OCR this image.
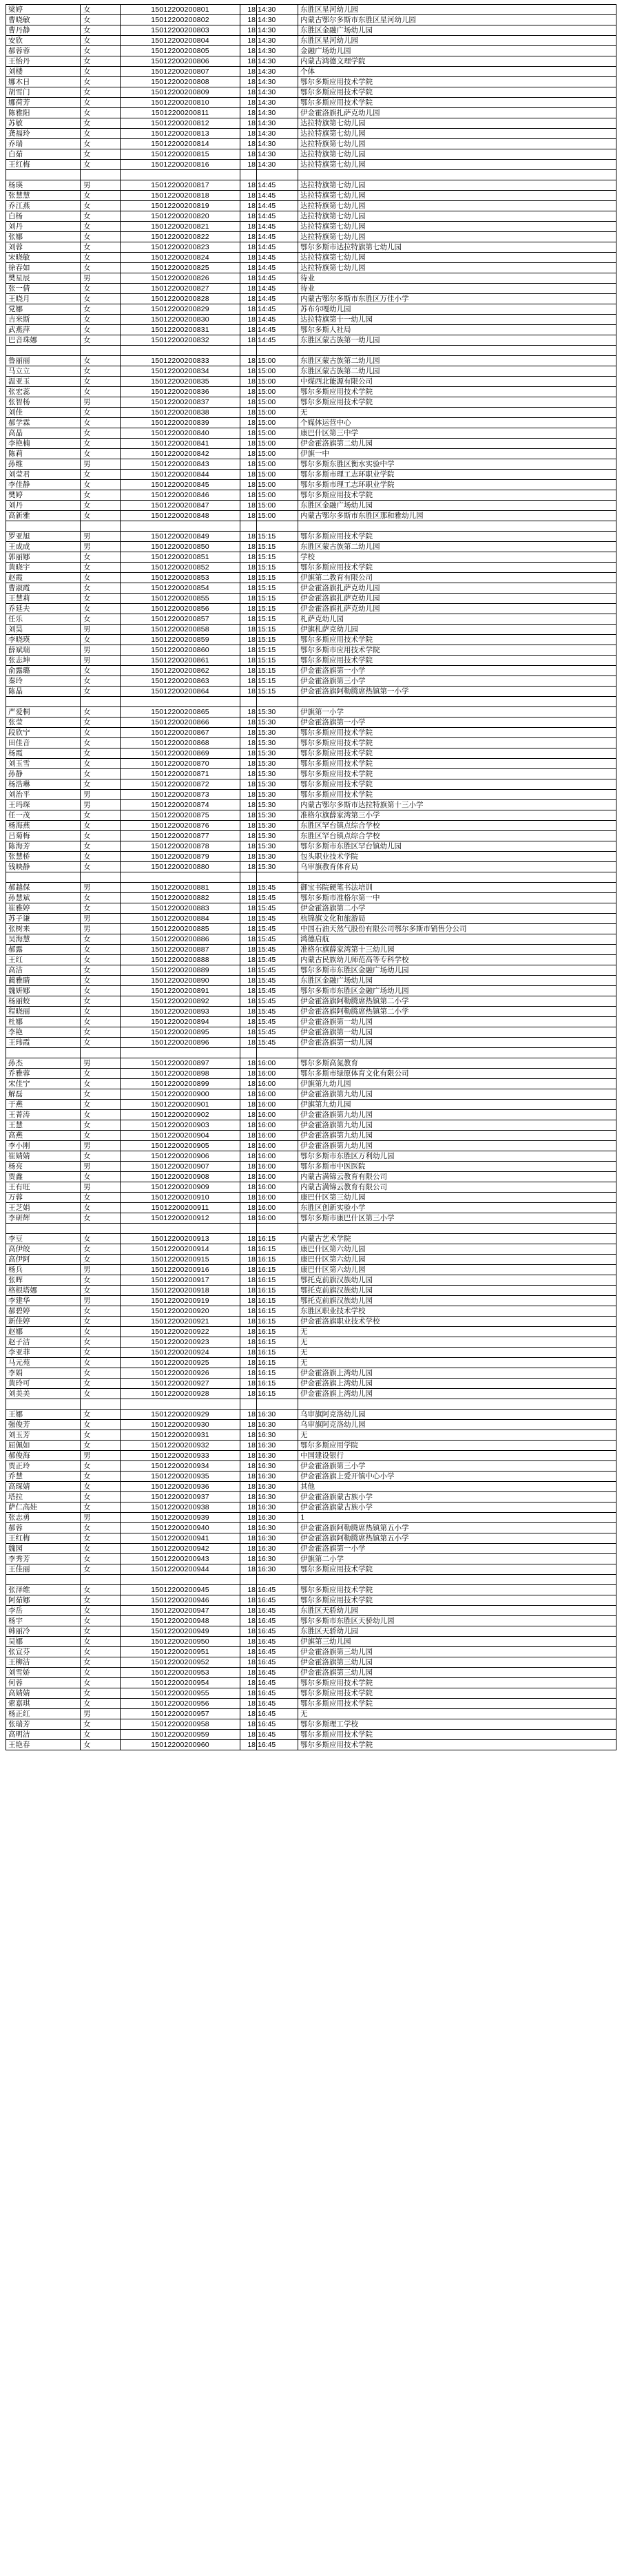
梁婷	女	15012200200801	18	14:30	东胜区星河幼儿园
曹晓敏	女	15012200200802	18	14:30	内蒙古鄂尔多斯市东胜区星河幼儿园
曹丹静	女	15012200200803	18	14:30	东胜区金融广场幼儿园
安欣	女	15012200200804	18	14:30	东胜区星河幼儿园
郝蓉蓉	女	15012200200805	18	14:30	金融广场幼儿园
王怡丹	女	15012200200806	18	14:30	内蒙古鸿德文理学院
刘楼	女	15012200200807	18	14:30	个体
娜木日	女	15012200200808	18	14:30	鄂尔多斯应用技术学院
胡雪门	女	15012200200809	18	14:30	鄂尔多斯应用技术学院
娜荷芳	女	15012200200810	18	14:30	鄂尔多斯应用技术学院
陈雅阳	女	15012200200811	18	14:30	伊金霍洛旗扎萨克幼儿园
苏敏	女	15012200200812	18	14:30	达拉特旗第七幼儿园
龚福玲	女	15012200200813	18	14:30	达拉特旗第七幼儿园
乔瑞	女	15012200200814	18	14:30	达拉特旗第七幼儿园
白茹	女	15012200200815	18	14:30	达拉特旗第七幼儿园
王红梅	女	15012200200816	18	14:30	达拉特旗第七幼儿园

杨瑛	男	15012200200817	18	14:45	达拉特旗第七幼儿园
张慧慧	女	15012200200818	18	14:45	达拉特旗第七幼儿园
乔江燕	女	15012200200819	18	14:45	达拉特旗第七幼儿园
白杨	女	15012200200820	18	14:45	达拉特旗第七幼儿园
刘丹	女	15012200200821	18	14:45	达拉特旗第七幼儿园
张娜	女	15012200200822	18	14:45	达拉特旗第七幼儿园
刘蓉	女	15012200200823	18	14:45	鄂尔多斯市达拉特旗第七幼儿园
宋晓敏	女	15012200200824	18	14:45	达拉特旗第七幼儿园
徐春如	女	15012200200825	18	14:45	达拉特旗第七幼儿园
樊星辰	男	15012200200826	18	14:45	待业
张一倩	女	15012200200827	18	14:45	待业
王晓月	女	15012200200828	18	14:45	内蒙古鄂尔多斯市东胜区万佳小学
党娜	女	15012200200829	18	14:45	苏布尔嘎幼儿园
吉米斯	女	15012200200830	18	14:45	达拉特旗第十一幼儿园
武燕萍	女	15012200200831	18	14:45	鄂尔多斯人社局
巴音珠娜	女	15012200200832	18	14:45	东胜区蒙古族第一幼儿园

鲁丽丽	女	15012200200833	18	15:00	东胜区蒙古族第二幼儿园
马立立	女	15012200200834	18	15:00	东胜区蒙古族第二幼儿园
温亚玉	女	15012200200835	18	15:00	中煤西北能源有限公司
张宏蕊	女	15012200200836	18	15:00	鄂尔多斯应用技术学院
张智杨	男	15012200200837	18	15:00	鄂尔多斯应用技术学院
刘佳	女	15012200200838	18	15:00	无
郝学霖	女	15012200200839	18	15:00	个媒体运营中心
高晶	女	15012200200840	18	15:00	康巴什区第三中学
李艳楠	女	15012200200841	18	15:00	伊金霍洛旗第二幼儿园
陈莉	女	15012200200842	18	15:00	伊旗一中
孙维	男	15012200200843	18	15:00	鄂尔多斯东胜区衡水实验中学
刘莹君	女	15012200200844	18	15:00	鄂尔多斯市理工志环职业学院
李佳静	女	15012200200845	18	15:00	鄂尔多斯市理工志环职业学院
樊婷	女	15012200200846	18	15:00	鄂尔多斯应用技术学院
刘丹	女	15012200200847	18	15:00	东胜区金融广场幼儿园
高新雅	女	15012200200848	18	15:00	内蒙古鄂尔多斯市东胜区那和雅幼儿园

罗亚旭	男	15012200200849	18	15:15	鄂尔多斯应用技术学院
王成成	男	15012200200850	18	15:15	东胜区蒙古族第二幼儿园
郭丽娜	女	15012200200851	18	15:15	学校
黄晓宇	女	15012200200852	18	15:15	鄂尔多斯应用技术学院
赵霞	女	15012200200853	18	15:15	伊旗第二教育有限公司
曹淑霞	女	15012200200854	18	15:15	伊金霍洛旗扎萨克幼儿园
王慧莉	女	15012200200855	18	15:15	伊金霍洛旗扎萨克幼儿园
乔延夫	女	15012200200856	18	15:15	伊金霍洛旗扎萨克幼儿园
任乐	女	15012200200857	18	15:15	札萨克幼儿园
刘昊	男	15012200200858	18	15:15	伊旗札萨克幼儿园
李晓瑛	女	15012200200859	18	15:15	鄂尔多斯应用技术学院
薛斌瑞	男	15012200200860	18	15:15	鄂尔多斯市应用技术学院
张志坤	男	15012200200861	18	15:15	鄂尔多斯应用技术学院
俞露璐	女	15012200200862	18	15:15	伊金霍洛旗第一小学
秦玲	女	15012200200863	18	15:15	伊金霍洛旗第三小学
陈晶	女	15012200200864	18	15:15	伊金霍洛旗阿勒腾席热镇第一小学

严爱桐	女	15012200200865	18	15:30	伊旗第一小学
张莹	女	15012200200866	18	15:30	伊金霍洛旗第一小学
段欣宁	女	15012200200867	18	15:30	鄂尔多斯应用技术学院
田佳音	女	15012200200868	18	15:30	鄂尔多斯应用技术学院
杨霞	女	15012200200869	18	15:30	鄂尔多斯应用技术学院
刘玉雪	女	15012200200870	18	15:30	鄂尔多斯应用技术学院
孙静	女	15012200200871	18	15:30	鄂尔多斯应用技术学院
杨浩琳	女	15012200200872	18	15:30	鄂尔多斯应用技术学院
刘治平	男	15012200200873	18	15:30	鄂尔多斯应用技术学院
王玛琛	男	15012200200874	18	15:30	内蒙古鄂尔多斯市达拉特旗第十三小学
任一茂	女	15012200200875	18	15:30	准格尔旗薛家湾第三小学
杨海燕	女	15012200200876	18	15:30	东胜区罕台镇点综合学校
吕菊梅	女	15012200200877	18	15:30	东胜区罕台镇点综合学校
陈海芳	女	15012200200878	18	15:30	鄂尔多斯市东胜区罕台镇幼儿园
张慧桥	女	15012200200879	18	15:30	包头职业技术学院
钱映静	女	15012200200880	18	15:30	乌审旗教育体育局

郝越保	男	15012200200881	18	15:45	御宝书院硬笔书法培训
孙慧斌	女	15012200200882	18	15:45	鄂尔多斯市准格尔第一中
崔雅婷	女	15012200200883	18	15:45	伊金霍洛旗第二小学
苏子谦	男	15012200200884	18	15:45	杭锦旗文化和旅游局
张树来	男	15012200200885	18	15:45	中国石油天然气股份有限公司鄂尔多斯市销售分公司
吴海慧	女	15012200200886	18	15:45	鸿德启航
郝露	女	15012200200887	18	15:45	准格尔旗薛家湾第十三幼儿园
王红	女	15012200200888	18	15:45	内蒙古民族幼儿师范高等专科学校
高洁	女	15012200200889	18	15:45	鄂尔多斯市东胜区金融广场幼儿园
蔺雅睛	女	15012200200890	18	15:45	东胜区金融广场幼儿园
魏妍娜	女	15012200200891	18	15:45	鄂尔多斯市东胜区金融广场幼儿园
杨丽蛟	女	15012200200892	18	15:45	伊金霍洛旗阿勒腾席热镇第二小学
程晓丽	女	15012200200893	18	15:45	伊金霍洛旗阿勒腾席热镇第二小学
杜娜	女	15012200200894	18	15:45	伊金霍洛旗第一幼儿园
李艳	女	15012200200895	18	15:45	伊金霍洛旗第一幼儿园
王玮霞	女	15012200200896	18	15:45	伊金霍洛旗第一幼儿园

孙杰	男	15012200200897	18	16:00	鄂尔多斯高氮教育
乔雅蓉	女	15012200200898	18	16:00	鄂尔多斯市绿原体育文化有限公司
宋佳宁	女	15012200200899	18	16:00	伊旗第九幼儿园
解磊	女	15012200200900	18	16:00	伊金霍洛旗第九幼儿园
于燕	女	15012200200901	18	16:00	伊旗第九幼儿园
王菁涛	女	15012200200902	18	16:00	伊金霍洛旗第九幼儿园
王慧	女	15012200200903	18	16:00	伊金霍洛旗第九幼儿园
高燕	女	15012200200904	18	16:00	伊金霍洛旗第九幼儿园
李小刚	男	15012200200905	18	16:00	伊金霍洛旗第九幼儿园
崔婧婧	女	15012200200906	18	16:00	鄂尔多斯市东胜区万利幼儿园
杨亮	男	15012200200907	18	16:00	鄂尔多斯市中医医院
贾鑫	女	15012200200908	18	16:00	内蒙古满锦云教育有限公司
王有旺	男	15012200200909	18	16:00	内蒙古满锦云教育有限公司
万蓉	女	15012200200910	18	16:00	康巴什区第三幼儿园
王芝娟	女	15012200200911	18	16:00	东胜区创新实验小学
李研辉	女	15012200200912	18	16:00	鄂尔多斯市康巴什区第三小学

李豆	女	15012200200913	18	16:15	内蒙古艺术学院
高伊皎	女	15012200200914	18	16:15	康巴什区第六幼儿园
高伊阿	女	15012200200915	18	16:15	康巴什区第六幼儿园
杨兵	男	15012200200916	18	16:15	康巴什区第六幼儿园
张晖	女	15012200200917	18	16:15	鄂托克前旗汉族幼儿园
格根塔娜	女	15012200200918	18	16:15	鄂托克前旗汉族幼儿园
李建华	男	15012200200919	18	16:15	鄂托克前旗汉族幼儿园
郝碧婷	女	15012200200920	18	16:15	东胜区职业技术学校
新佳婷	女	15012200200921	18	16:15	伊金霍洛旗职业技术学校
赵娜	女	15012200200922	18	16:15	无
赵子洁	女	15012200200923	18	16:15	无
李亚菲	女	15012200200924	18	16:15	无
马元苑	女	15012200200925	18	16:15	无
李娟	女	15012200200926	18	16:15	伊金霍洛旗上湾幼儿园
黄玲可	女	15012200200927	18	16:15	伊金霍洛旗上湾幼儿园
刘美美	女	15012200200928	18	16:15	伊金霍洛旗上湾幼儿园

王娜	女	15012200200929	18	16:30	乌审旗阿克洛幼儿园
强俊芳	女	15012200200930	18	16:30	乌审旗阿克洛幼儿园
刘玉芳	女	15012200200931	18	16:30	无
屈佩如	女	15012200200932	18	16:30	鄂尔多斯应用学院
郝俊海	男	15012200200933	18	16:30	中国建设银行
贾正玲	女	15012200200934	18	16:30	伊金霍洛旗第三小学
乔慧	女	15012200200935	18	16:30	伊金霍洛旗上爱开镇中心小学
高琛婧	女	15012200200936	18	16:30	其他
塔拉	女	15012200200937	18	16:30	伊金霍洛旗蒙古族小学
萨仁高娃	女	15012200200938	18	16:30	伊金霍洛旗蒙古族小学
张志勇	男	15012200200939	18	16:30	1
郝蓉	女	15012200200940	18	16:30	伊金霍洛旗阿勒腾席热镇第五小学
王红梅	女	15012200200941	18	16:30	伊金霍洛旗阿勒腾席热镇第五小学
魏园	女	15012200200942	18	16:30	伊金霍洛旗第一小学
李秀芳	女	15012200200943	18	16:30	伊旗第二小学
王佳丽	女	15012200200944	18	16:30	鄂尔多斯应用技术学院

张泽维	女	15012200200945	18	16:45	鄂尔多斯应用技术学院
阿茹娜	女	15012200200946	18	16:45	鄂尔多斯应用技术学院
李岳	女	15012200200947	18	16:45	东胜区天骄幼儿园
杨宇	女	15012200200948	18	16:45	鄂尔多斯市东胜区天骄幼儿园
韩丽冷	女	15012200200949	18	16:45	东胜区天骄幼儿园
吴娜	女	15012200200950	18	16:45	伊旗第三幼儿园
张宣芬	女	15012200200951	18	16:45	伊金霍洛旗第三幼儿园
王柳洁	女	15012200200952	18	16:45	伊金霍洛旗第三幼儿园
刘雪娇	女	15012200200953	18	16:45	伊金霍洛旗第三幼儿园
何蓉	女	15012200200954	18	16:45	鄂尔多斯应用技术学院
高婧婧	女	15012200200955	18	16:45	鄂尔多斯应用技术学院
索嘉琪	女	15012200200956	18	16:45	鄂尔多斯应用技术学院
杨正红	男	15012200200957	18	16:45	无
张瑞芳	女	15012200200958	18	16:45	鄂尔多斯理工学校
高明洁	女	15012200200959	18	16:45	鄂尔多斯应用技术学院
王艳春	女	15012200200960	18	16:45	鄂尔多斯应用技术学院
